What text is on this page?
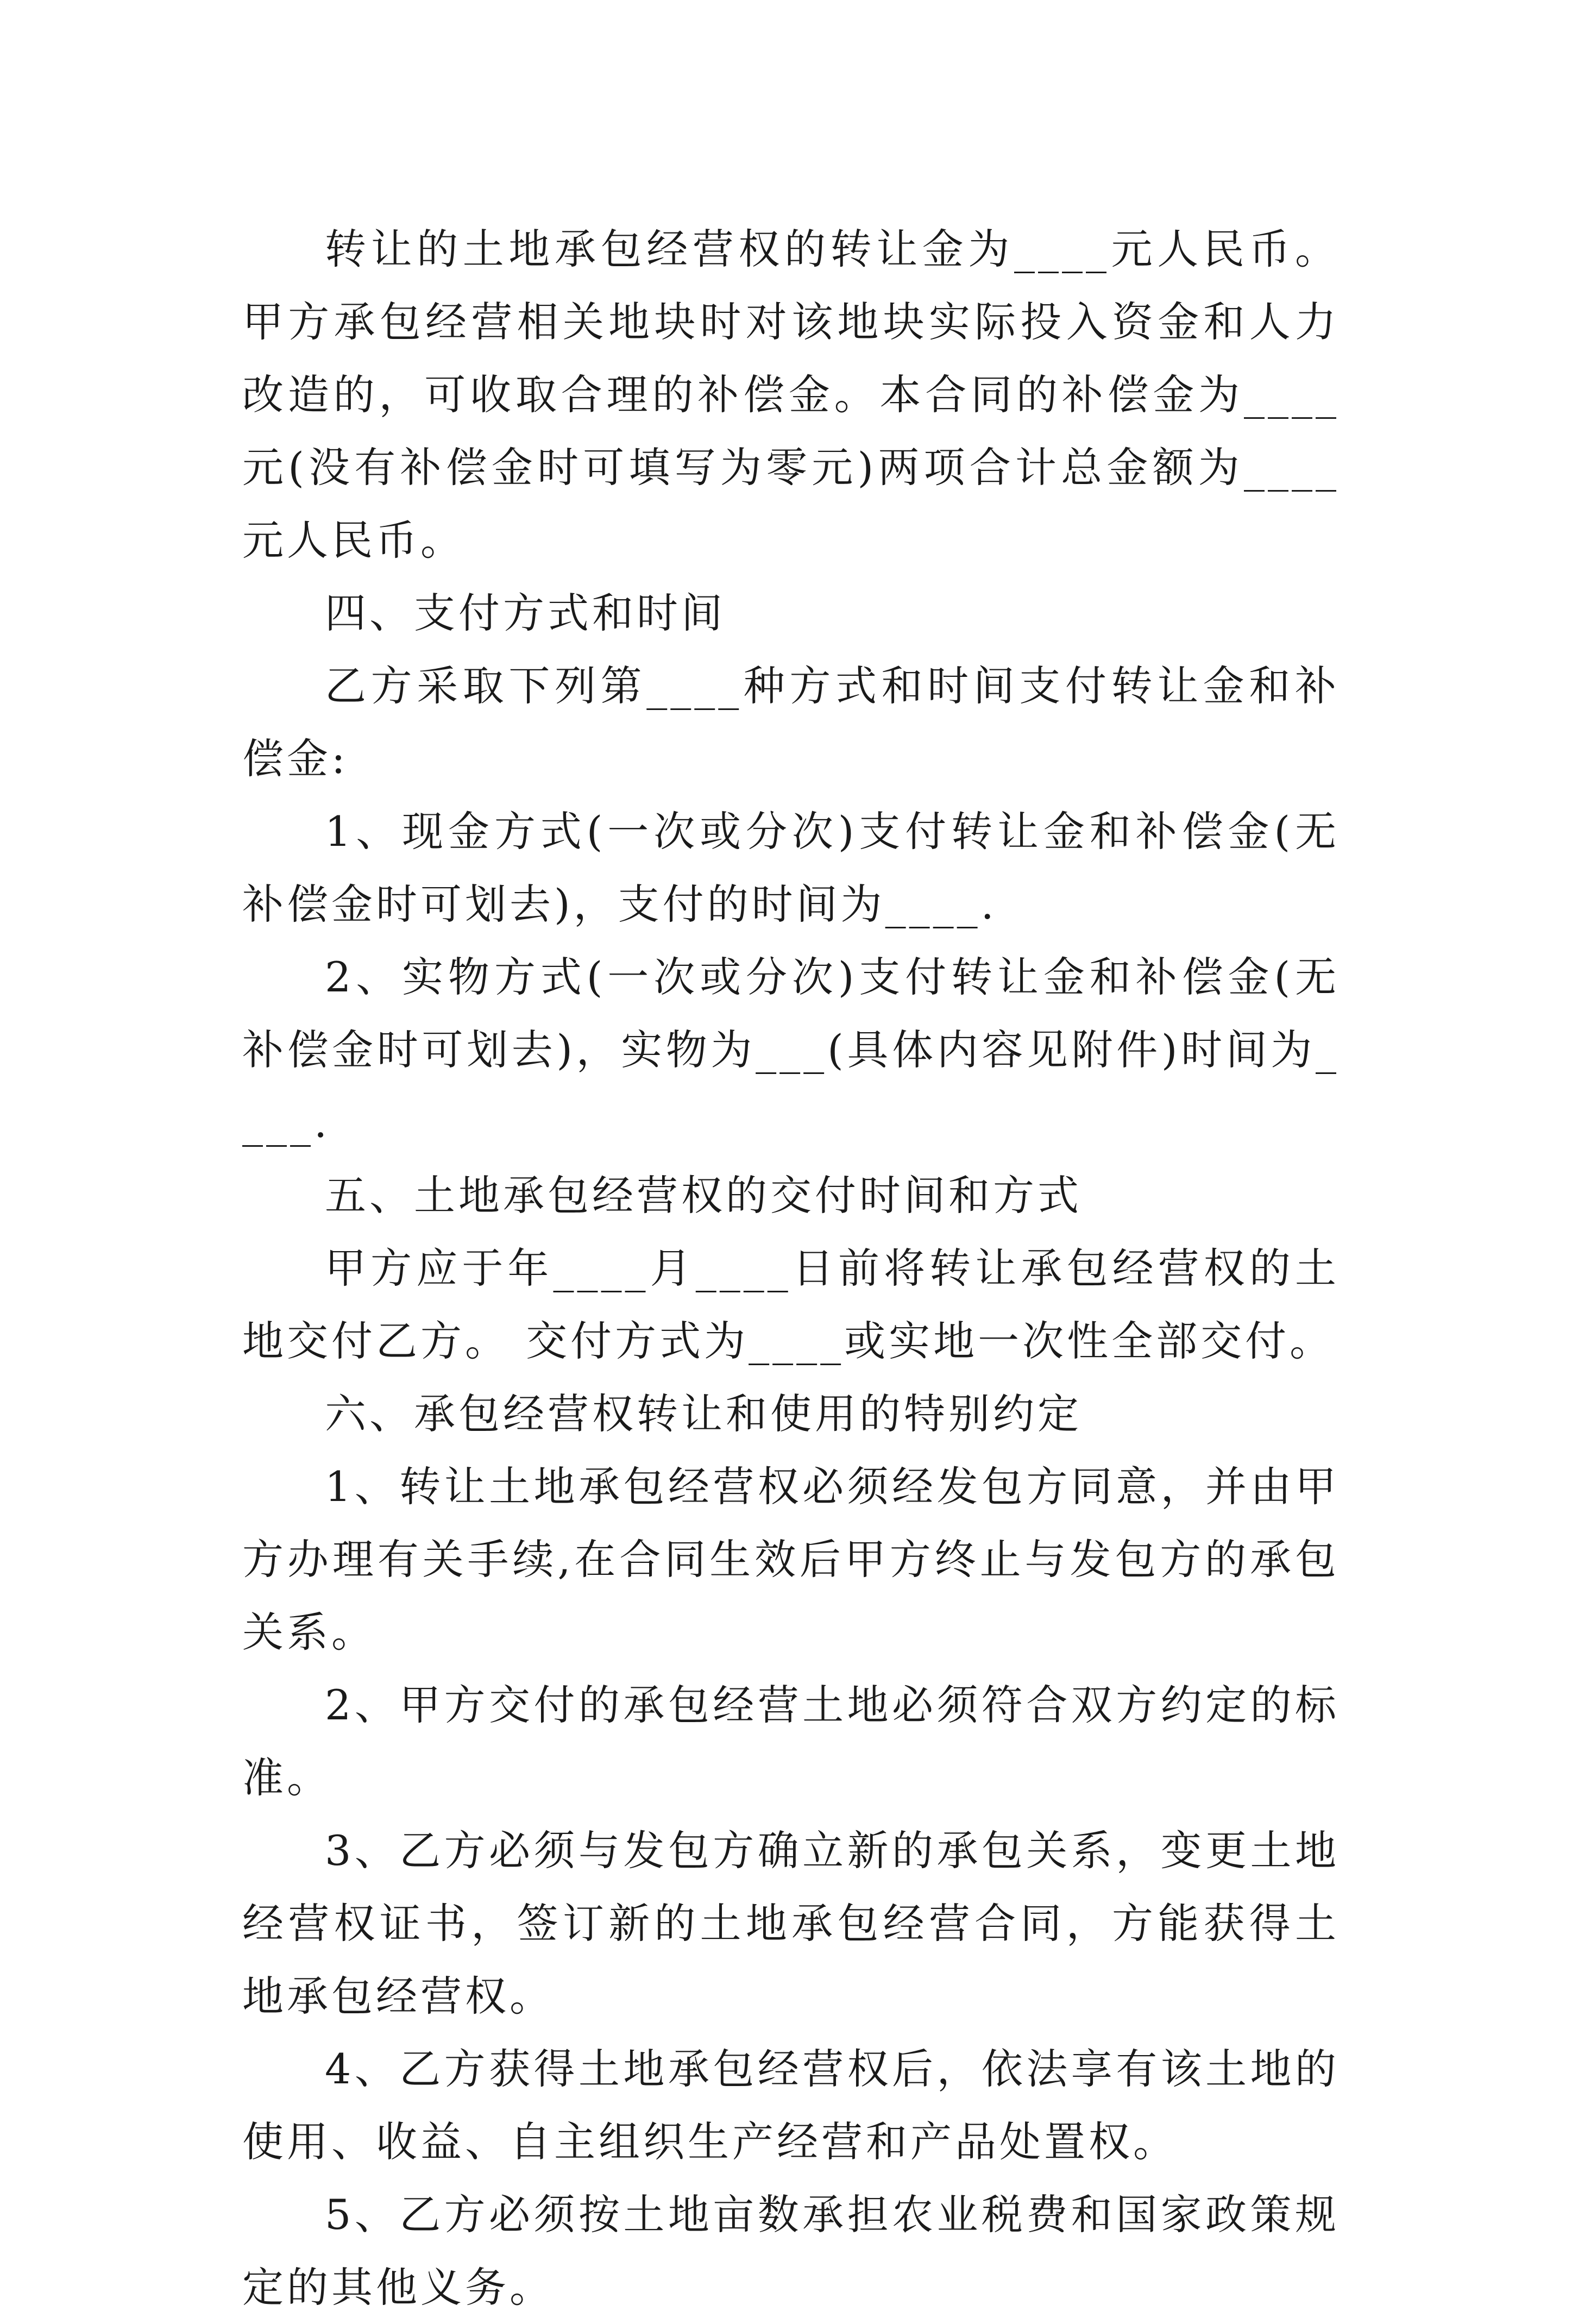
转让的土地承包经营权的转让金为____元人民币。甲方承包经营相关地块时对该地块实际投入资金和人力改造的，可收取合理的补偿金。本合同的补偿金为____元(没有补偿金时可填写为零元)两项合计总金额为____元人民币。

四、支付方式和时间

乙方采取下列第____种方式和时间支付转让金和补偿金:

1、现金方式(一次或分次)支付转让金和补偿金(无补偿金时可划去)，支付的时间为____.

2、实物方式(一次或分次)支付转让金和补偿金(无补偿金时可划去)，实物为___(具体内容见附件)时间为____.

五、土地承包经营权的交付时间和方式

甲方应于年____月____日前将转让承包经营权的土地交付乙方。 交付方式为____或实地一次性全部交付。

六、承包经营权转让和使用的特别约定

1、转让土地承包经营权必须经发包方同意，并由甲方办理有关手续,在合同生效后甲方终止与发包方的承包关系。

2、甲方交付的承包经营土地必须符合双方约定的标准。

3、乙方必须与发包方确立新的承包关系，变更土地经营权证书，签订新的土地承包经营合同，方能获得土地承包经营权。

4、乙方获得土地承包经营权后，依法享有该土地的使用、收益、自主组织生产经营和产品处置权。

5、乙方必须按土地亩数承担农业税费和国家政策规定的其他义务。
